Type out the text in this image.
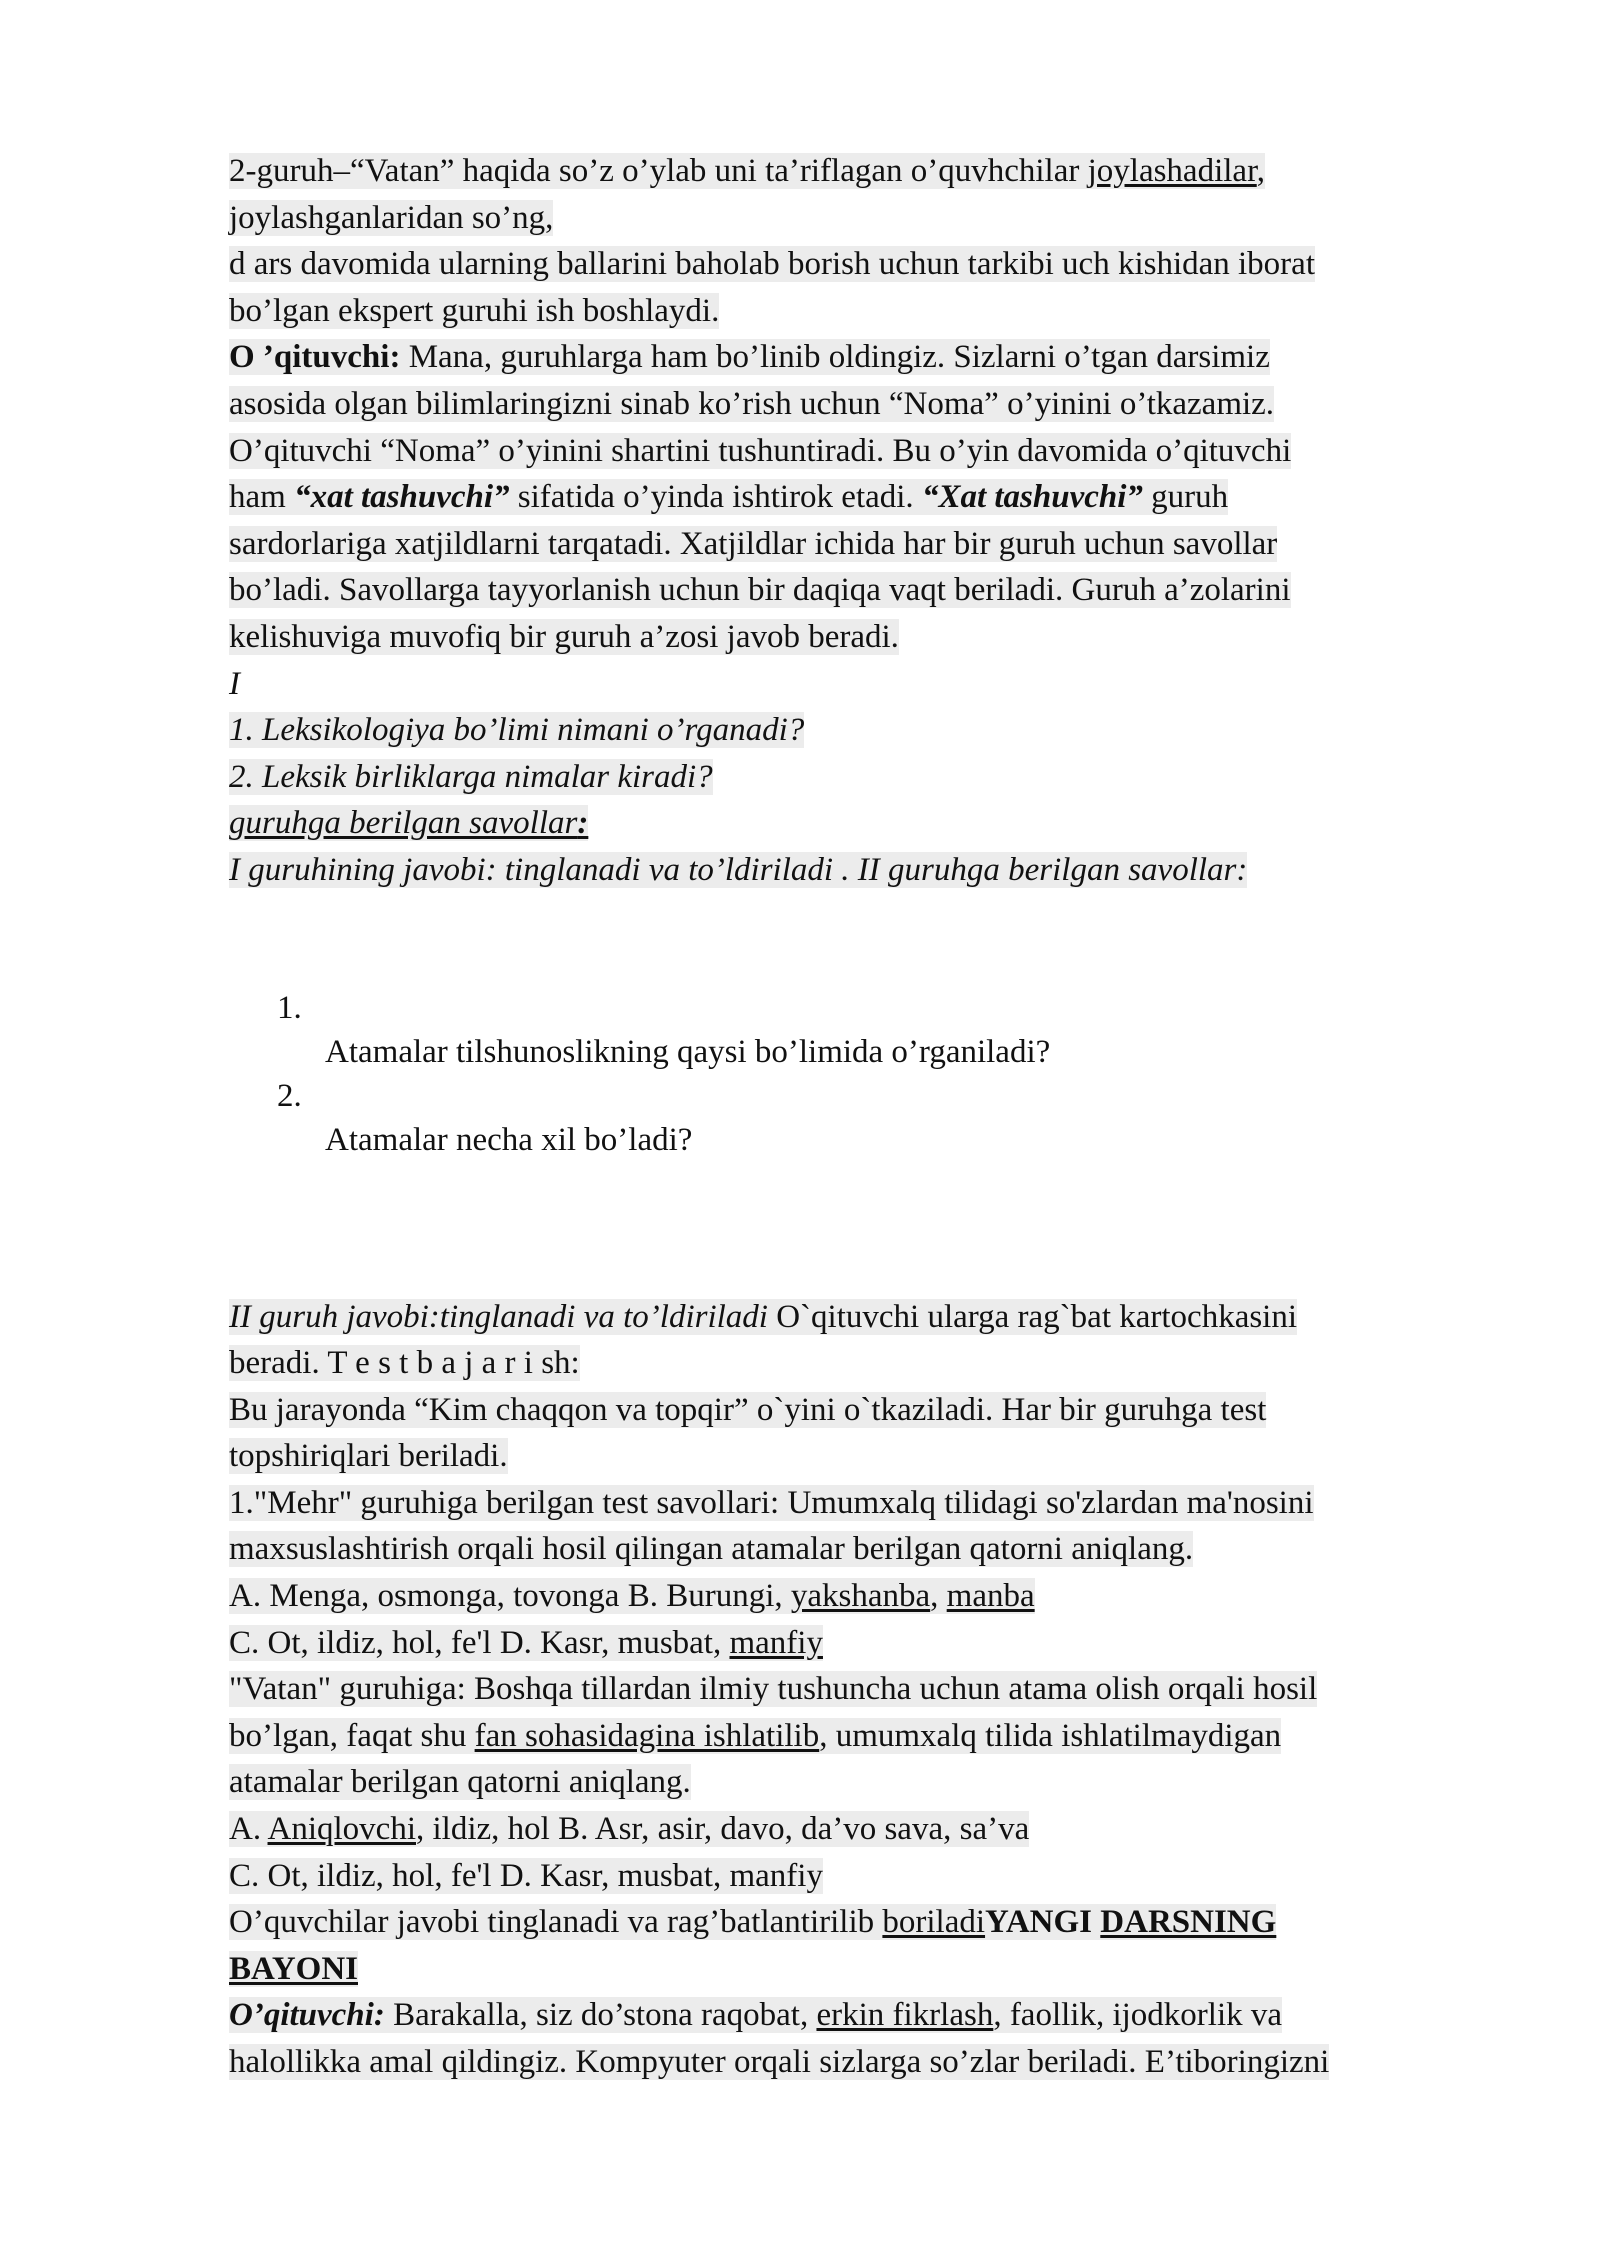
2-guruh–“Vatan” haqida so’z o’ylab uni ta’riflagan o’quvhchilar joylashadilar,
joylashganlaridan so’ng,
d ars davomida ularning ballarini baholab borish uchun tarkibi uch kishidan iborat
bo’lgan ekspert guruhi ish boshlaydi.
O ’qituvchi: Mana, guruhlarga ham bo’linib oldingiz. Sizlarni o’tgan darsimiz
asosida olgan bilimlaringizni sinab ko’rish uchun “Noma” o’yinini o’tkazamiz.
O’qituvchi “Noma” o’yinini shartini tushuntiradi. Bu o’yin davomida o’qituvchi
ham “xat tashuvchi” sifatida o’yinda ishtirok etadi. “Xat tashuvchi” guruh
sardorlariga xatjildlarni tarqatadi. Xatjildlar ichida har bir guruh uchun savollar
bo’ladi. Savollarga tayyorlanish uchun bir daqiqa vaqt beriladi. Guruh a’zolarini
kelishuviga muvofiq bir guruh a’zosi javob beradi.
I
1. Leksikologiya bo’limi nimani o’rganadi?
2. Leksik birliklarga nimalar kiradi?
guruhga berilgan savollar:
I guruhining javobi: tinglanadi va to’ldiriladi . II guruhga berilgan savollar:
1.
Atamalar tilshunoslikning qaysi bo’limida o’rganiladi?
2.
Atamalar necha xil bo’ladi?
II guruh javobi:tinglanadi va to’ldiriladi O`qituvchi ularga rag`bat kartochkasini
beradi. T e s t b a j a r i sh:
Bu jarayonda “Kim chaqqon va topqir” o`yini o`tkaziladi. Har bir guruhga test
topshiriqlari beriladi.
1."Mehr" guruhiga berilgan test savollari: Umumxalq tilidagi so'zlardan ma'nosini
maxsuslashtirish orqali hosil qilingan atamalar berilgan qatorni aniqlang.
A. Menga, osmonga, tovonga B. Burungi, yakshanba, manba
C. Ot, ildiz, hol, fe'l D. Kasr, musbat, manfiy
"Vatan" guruhiga: Boshqa tillardan ilmiy tushuncha uchun atama olish orqali hosil
bo’lgan, faqat shu fan sohasidagina ishlatilib, umumxalq tilida ishlatilmaydigan
atamalar berilgan qatorni aniqlang.
A. Aniqlovchi, ildiz, hol B. Asr, asir, davo, da’vo sava, sa’va
C. Ot, ildiz, hol, fe'l D. Kasr, musbat, manfiy
O’quvchilar javobi tinglanadi va rag’batlantirilib boriladiYANGI DARSNING
BAYONI
O’qituvchi: Barakalla, siz do’stona raqobat, erkin fikrlash, faollik, ijodkorlik va
halollikka amal qildingiz. Kompyuter orqali sizlarga so’zlar beriladi. E’tiboringizni
